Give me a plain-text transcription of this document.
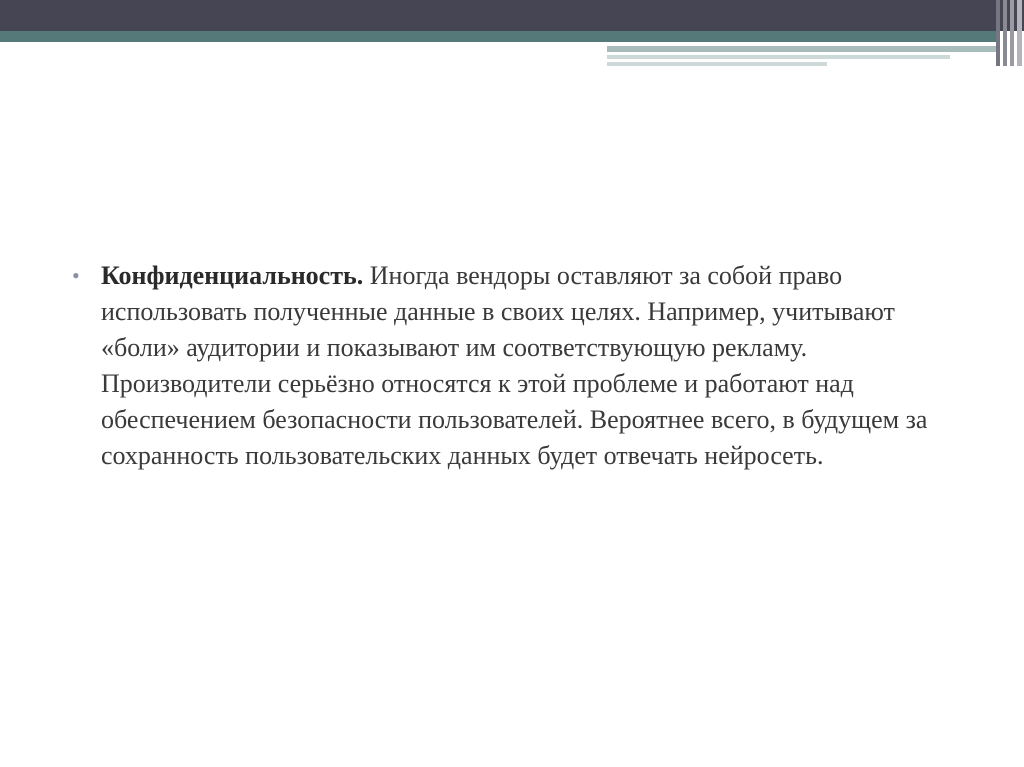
• Конфиденциальность. Иногда вендоры оставляют за собой право использовать полученные данные в своих целях. Например, учитывают «боли» аудитории и показывают им соответствующую рекламу. Производители серьёзно относятся к этой проблеме и работают над обеспечением безопасности пользователей. Вероятнее всего, в будущем за сохранность пользовательских данных будет отвечать нейросеть.
